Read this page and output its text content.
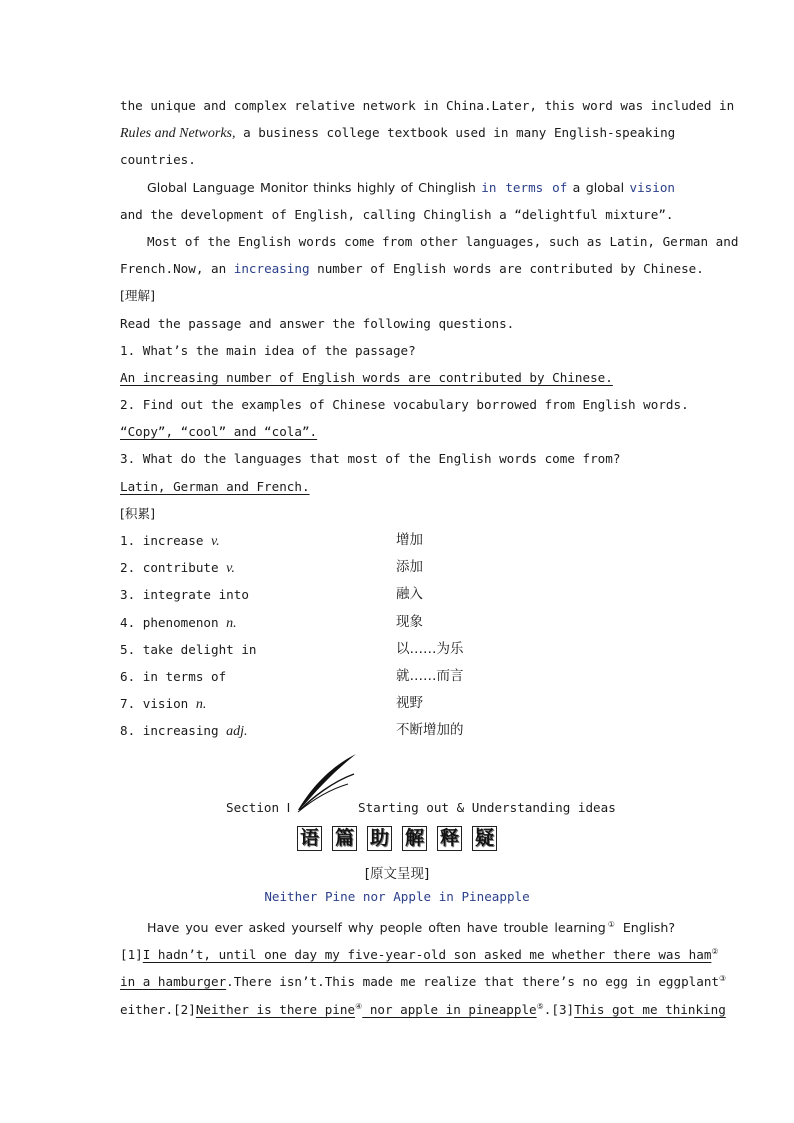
the unique and complex relative network in China.Later, this word was included in
Rules and Networks, a business college textbook used in many English-speaking
countries.
Global Language Monitor thinks highly of Chinglish in terms of a global vision
and the development of English, calling Chinglish a “delightful mixture”.
Most of the English words come from other languages, such as Latin, German and
French.Now, an increasing number of English words are contributed by Chinese.
[理解]
Read the passage and answer the following questions.
1. What’s the main idea of the passage?
An increasing number of English words are contributed by Chinese.
2. Find out the examples of Chinese vocabulary borrowed from English words.
“Copy”, “cool” and “cola”.
3. What do the languages that most of the English words come from?
Latin, German and French.
[积累]
1. increase v.	增加
2. contribute v.	添加
3. integrate into	融入
4. phenomenon n.	现象
5. take delight in	以……为乐
6. in terms of	就……而言
7. vision n.	视野
8. increasing adj.	不断增加的
Section Ⅰ	Starting out & Understanding ideas
语 篇 助 解 释 疑
[原文呈现]
Neither Pine nor Apple in Pineapple
Have you ever asked yourself why people often have trouble learning① English?
[1]I hadn’t, until one day my five-year-old son asked me whether there was ham②
in a hamburger.There isn’t.This made me realize that there’s no egg in eggplant③
either.[2]Neither is there pine④ nor apple in pineapple⑤.[3]This got me thinking
